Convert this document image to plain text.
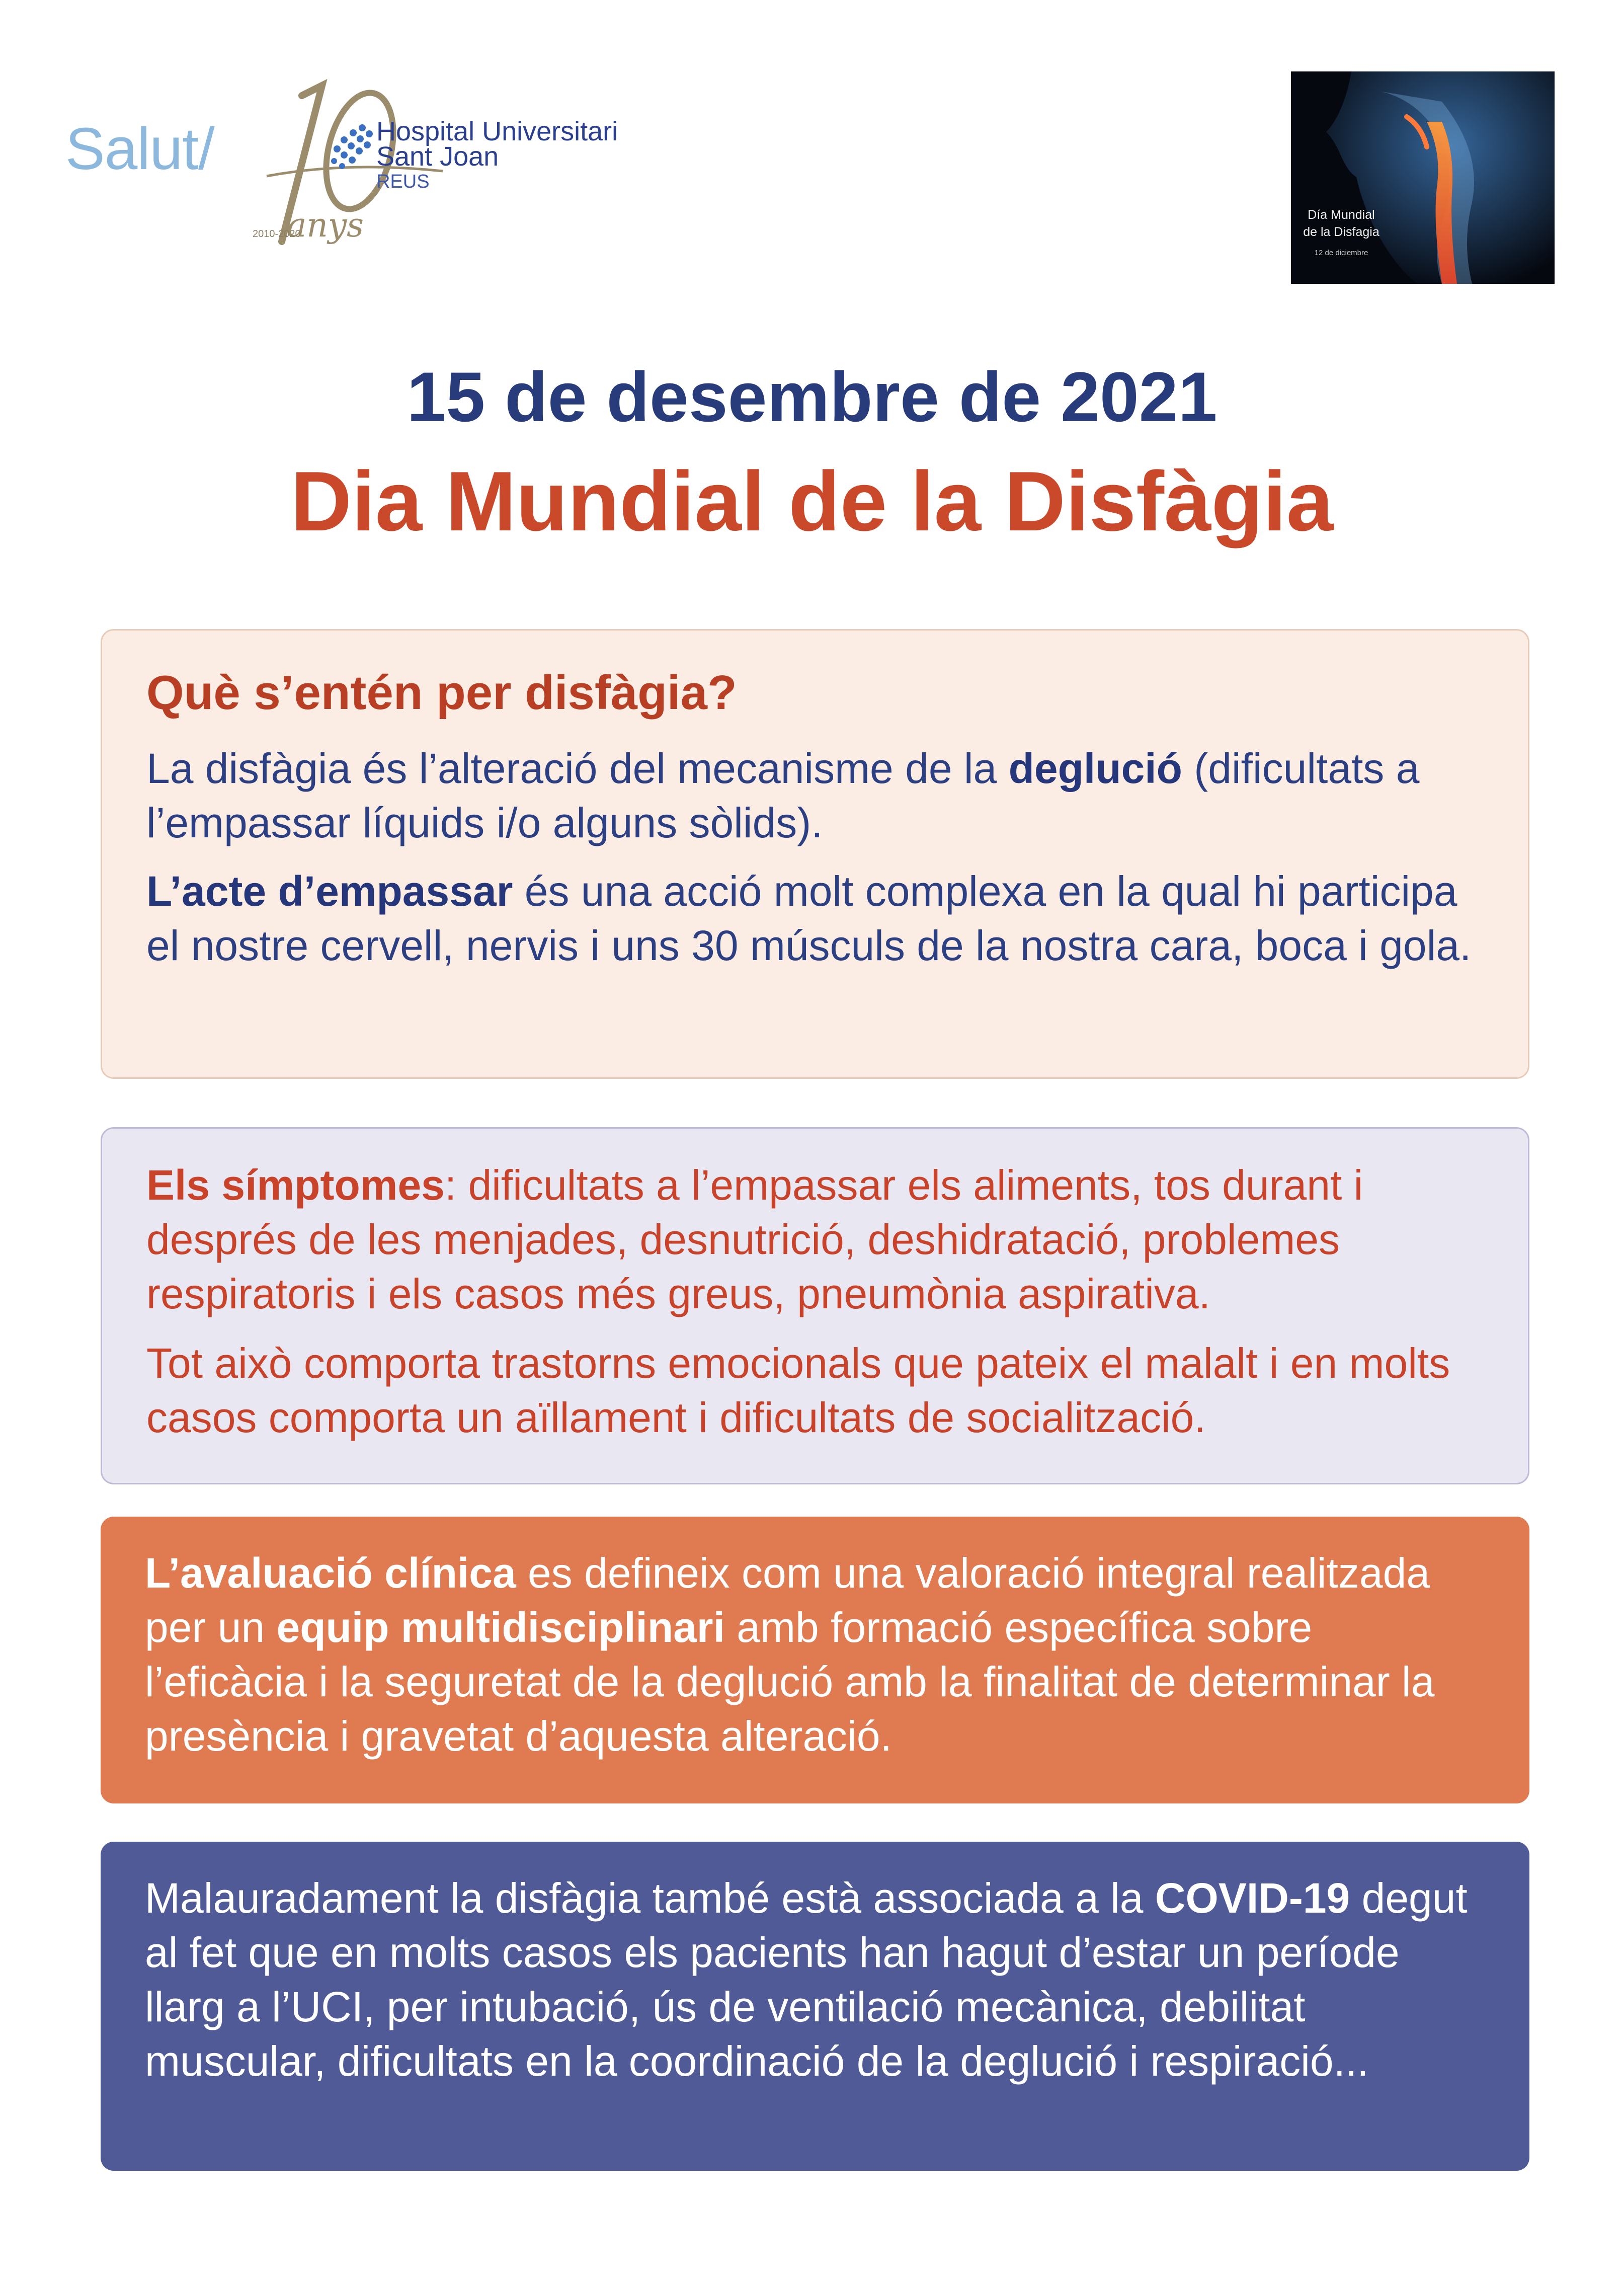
Salut/	Hospital Universitari
Sant Joan
REUS
anys
2010-2020
Día Mundial
de la Disfagia
12 de diciembre
15 de desembre de 2021
Dia Mundial de la Disfàgia
Què s’entén per disfàgia?

La disfàgia és l’alteració del mecanisme de la deglució (dificultats a l’empassar líquids i/o alguns sòlids).

L’acte d’empassar és una acció molt complexa en la qual hi participa el nostre cervell, nervis i uns 30 músculs de la nostra cara, boca i gola.

Els símptomes: dificultats a l’empassar els aliments, tos durant i després de les menjades, desnutrició, deshidratació, problemes respiratoris i els casos més greus, pneumònia aspirativa.

Tot això comporta trastorns emocionals que pateix el malalt i en molts casos comporta un aïllament i dificultats de socialització.

L’avaluació clínica es defineix com una valoració integral realitzada per un equip multidisciplinari amb formació específica sobre l’eficàcia i la seguretat de la deglució amb la finalitat de determinar la presència i gravetat d’aquesta alteració.

Malauradament la disfàgia també està associada a la COVID-19 degut al fet que en molts casos els pacients han hagut d’estar un període llarg a l’UCI, per intubació, ús de ventilació mecànica, debilitat muscular, dificultats en la coordinació de la deglució i respiració...
